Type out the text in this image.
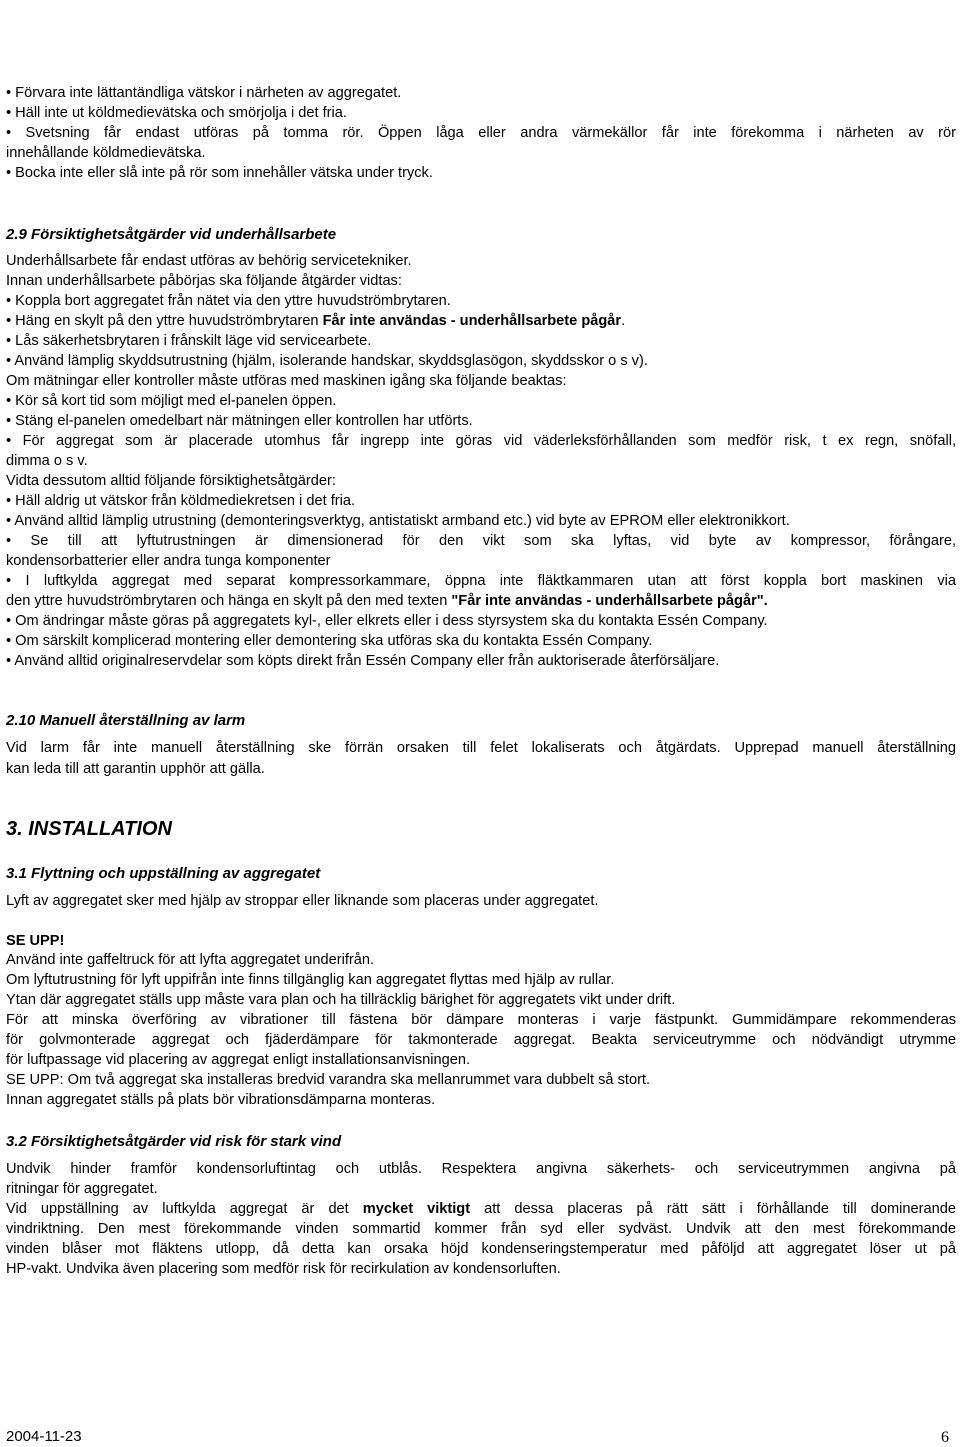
• Förvara inte lättantändliga vätskor i närheten av aggregatet.
• Häll inte ut köldmedievätska och smörjolja i det fria.
• Svetsning får endast utföras på tomma rör. Öppen låga eller andra värmekällor får inte förekomma i närheten av rör
innehållande köldmedievätska.
• Bocka inte eller slå inte på rör som innehåller vätska under tryck.
2.9 Försiktighetsåtgärder vid underhållsarbete
Underhållsarbete får endast utföras av behörig servicetekniker.
Innan underhållsarbete påbörjas ska följande åtgärder vidtas:
• Koppla bort aggregatet från nätet via den yttre huvudströmbrytaren.
• Häng en skylt på den yttre huvudströmbrytaren Får inte användas - underhållsarbete pågår.
• Lås säkerhetsbrytaren i frånskilt läge vid servicearbete.
• Använd lämplig skyddsutrustning (hjälm, isolerande handskar, skyddsglasögon, skyddsskor o s v).
Om mätningar eller kontroller måste utföras med maskinen igång ska följande beaktas:
• Kör så kort tid som möjligt med el-panelen öppen.
• Stäng el-panelen omedelbart när mätningen eller kontrollen har utförts.
• För aggregat som är placerade utomhus får ingrepp inte göras vid väderleksförhållanden som medför risk, t ex regn, snöfall,
dimma o s v.
Vidta dessutom alltid följande försiktighetsåtgärder:
• Häll aldrig ut vätskor från köldmediekretsen i det fria.
• Använd alltid lämplig utrustning (demonteringsverktyg, antistatiskt armband etc.) vid byte av EPROM eller elektronikkort.
• Se till att lyftutrustningen är dimensionerad för den vikt som ska lyftas, vid byte av kompressor, förångare,
kondensorbatterier eller andra tunga komponenter
• I luftkylda aggregat med separat kompressorkammare, öppna inte fläktkammaren utan att först koppla bort maskinen via
den yttre huvudströmbrytaren och hänga en skylt på den med texten "Får inte användas - underhållsarbete pågår".
• Om ändringar måste göras på aggregatets kyl-, eller elkrets eller i dess styrsystem ska du kontakta Essén Company.
• Om särskilt komplicerad montering eller demontering ska utföras ska du kontakta Essén Company.
• Använd alltid originalreservdelar som köpts direkt från Essén Company eller från auktoriserade återförsäljare.
2.10 Manuell återställning av larm
Vid larm får inte manuell återställning ske förrän orsaken till felet lokaliserats och åtgärdats. Upprepad manuell återställning
kan leda till att garantin upphör att gälla.
3. INSTALLATION
3.1 Flyttning och uppställning av aggregatet
Lyft av aggregatet sker med hjälp av stroppar eller liknande som placeras under aggregatet.
SE UPP!
Använd inte gaffeltruck för att lyfta aggregatet underifrån.
Om lyftutrustning för lyft uppifrån inte finns tillgänglig kan aggregatet flyttas med hjälp av rullar.
Ytan där aggregatet ställs upp måste vara plan och ha tillräcklig bärighet för aggregatets vikt under drift.
För att minska överföring av vibrationer till fästena bör dämpare monteras i varje fästpunkt. Gummidämpare rekommenderas
för golvmonterade aggregat och fjäderdämpare för takmonterade aggregat. Beakta serviceutrymme och nödvändigt utrymme
för luftpassage vid placering av aggregat enligt installationsanvisningen.
SE UPP: Om två aggregat ska installeras bredvid varandra ska mellanrummet vara dubbelt så stort.
Innan aggregatet ställs på plats bör vibrationsdämparna monteras.
3.2 Försiktighetsåtgärder vid risk för stark vind
Undvik hinder framför kondensorluftintag och utblås. Respektera angivna säkerhets- och serviceutrymmen angivna på
ritningar för aggregatet.
Vid uppställning av luftkylda aggregat är det mycket viktigt att dessa placeras på rätt sätt i förhållande till dominerande
vindriktning. Den mest förekommande vinden sommartid kommer från syd eller sydväst. Undvik att den mest förekommande
vinden blåser mot fläktens utlopp, då detta kan orsaka höjd kondenseringstemperatur med påföljd att aggregatet löser ut på
HP-vakt. Undvika även placering som medför risk för recirkulation av kondensorluften.
2004-11-23	6
